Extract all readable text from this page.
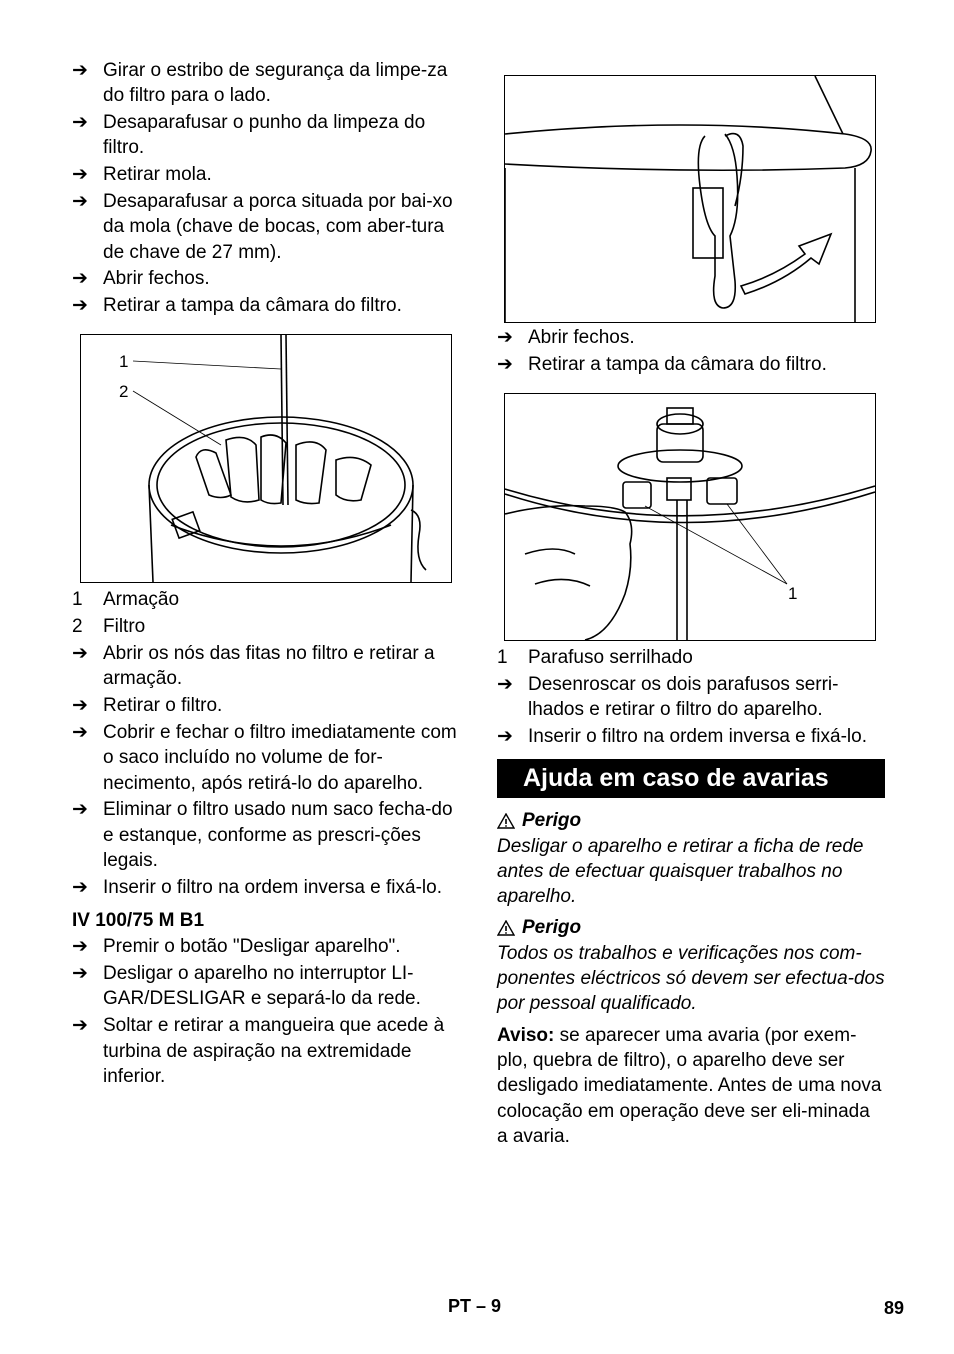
➔ Girar o estribo de segurança da limpe-za do filtro para o lado.
➔ Desaparafusar o punho da limpeza do filtro.
➔ Retirar mola.
➔ Desaparafusar a porca situada por bai-xo da mola (chave de bocas, com aber-tura de chave de 27 mm).
➔ Abrir fechos.
➔ Retirar a tampa da câmara do filtro.
1
2
1 Armação
2 Filtro
➔ Abrir os nós das fitas no filtro e retirar a armação.
➔ Retirar o filtro.
➔ Cobrir e fechar o filtro imediatamente com o saco incluído no volume de for-necimento, após retirá-lo do aparelho.
➔ Eliminar o filtro usado num saco fecha-do e estanque, conforme as prescri-ções legais.
➔ Inserir o filtro na ordem inversa e fixá-lo.
IV 100/75 M B1
➔ Premir o botão "Desligar aparelho".
➔ Desligar o aparelho no interruptor LI-GAR/DESLIGAR e separá-lo da rede.
➔ Soltar e retirar a mangueira que acede à turbina de aspiração na extremidade inferior.
➔ Abrir fechos.
➔ Retirar a tampa da câmara do filtro.
1
1 Parafuso serrilhado
➔ Desenroscar os dois parafusos serri-lhados e retirar o filtro do aparelho.
➔ Inserir o filtro na ordem inversa e fixá-lo.
Ajuda em caso de avarias
Perigo
Desligar o aparelho e retirar a ficha de rede antes de efectuar quaisquer trabalhos no aparelho.
Perigo
Todos os trabalhos e verificações nos com-ponentes eléctricos só devem ser efectua-dos por pessoal qualificado.

Aviso: se aparecer uma avaria (por exem-plo, quebra de filtro), o aparelho deve ser desligado imediatamente. Antes de uma nova colocação em operação deve ser eli-minada a avaria.

PT – 9	89
